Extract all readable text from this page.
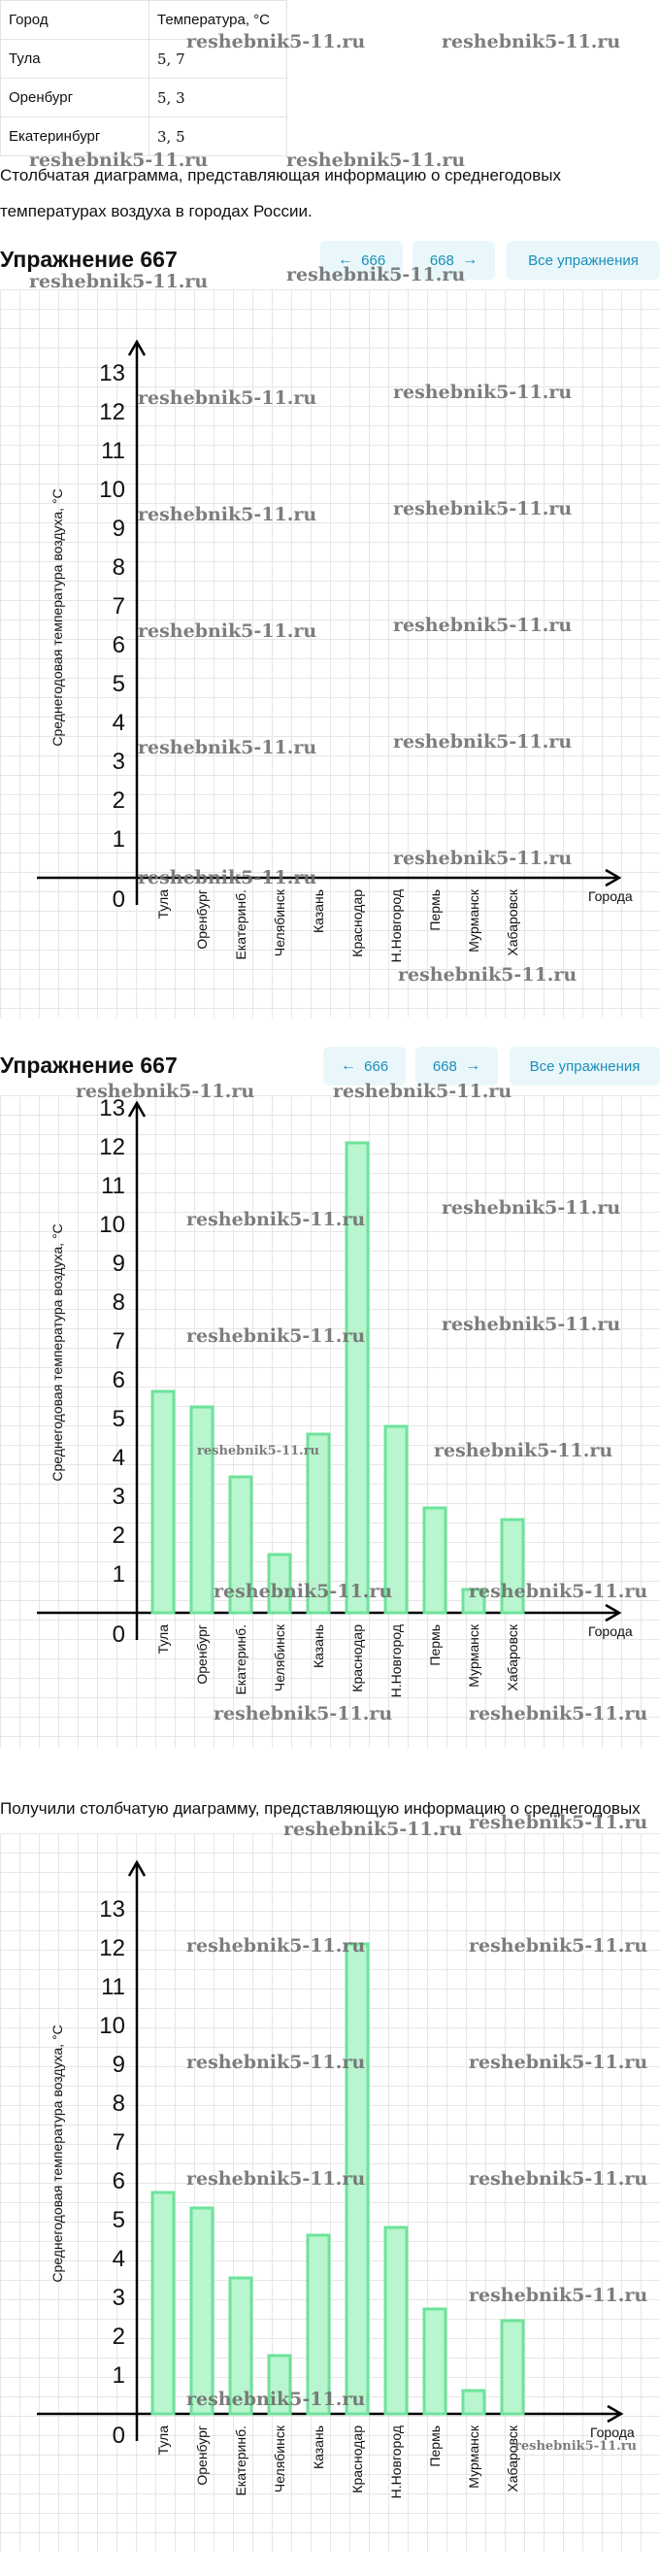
Город	Температура, °C
Тула	5, 7
Оренбург	5, 3
Екатеринбург	3, 5
Столбчатая диаграмма, представляющая информацию о среднегодовых температурах воздуха в городах России.
Упражнение 667	←
666	668
→	Все упражнения
1
2
3
4
5
6
7
8
9
10
11
12
13
0
Среднегодовая температура воздуха, °C
Города
Тула Оренбург Екатеринб. Челябинск Казань Краснодар Н.Новгород Пермь Мурманск Хабаровск
Упражнение 667	←
666	668
→	Все упражнения
1
2
3
4
5
6
7
8
9
10
11
12
13
0
Среднегодовая температура воздуха, °C
Города
Тула Оренбург Екатеринб. Челябинск Казань Краснодар Н.Новгород Пермь Мурманск Хабаровск
Получили столбчатую диаграмму, представляющую информацию о среднегодовых
1
2
3
4
5
6
7
8
9
10
11
12
13
0
Среднегодовая температура воздуха, °C
Города
Тула Оренбург Екатеринб. Челябинск Казань Краснодар Н.Новгород Пермь Мурманск Хабаровск
reshebnik5-11.ru	reshebnik5-11.ru
reshebnik5-11.ru	reshebnik5-11.ru
reshebnik5-11.ru	reshebnik5-11.ru
reshebnik5-11.ru	reshebnik5-11.ru
reshebnik5-11.ru	reshebnik5-11.ru
reshebnik5-11.ru	reshebnik5-11.ru
reshebnik5-11.ru	reshebnik5-11.ru
reshebnik5-11.ru
reshebnik5-11.ru
reshebnik5-11.ru
reshebnik5-11.ru	reshebnik5-11.ru
reshebnik5-11.ru
reshebnik5-11.ru
reshebnik5-11.ru
reshebnik5-11.ru
reshebnik5-11.ru	reshebnik5-11.ru
reshebnik5-11.ru	reshebnik5-11.ru
reshebnik5-11.ru	reshebnik5-11.ru
reshebnik5-11.ru reshebnik5-11.ru
reshebnik5-11.ru	reshebnik5-11.ru
reshebnik5-11.ru	reshebnik5-11.ru
reshebnik5-11.ru	reshebnik5-11.ru
reshebnik5-11.ru
reshebnik5-11.ru
reshebnik5-11.ru
